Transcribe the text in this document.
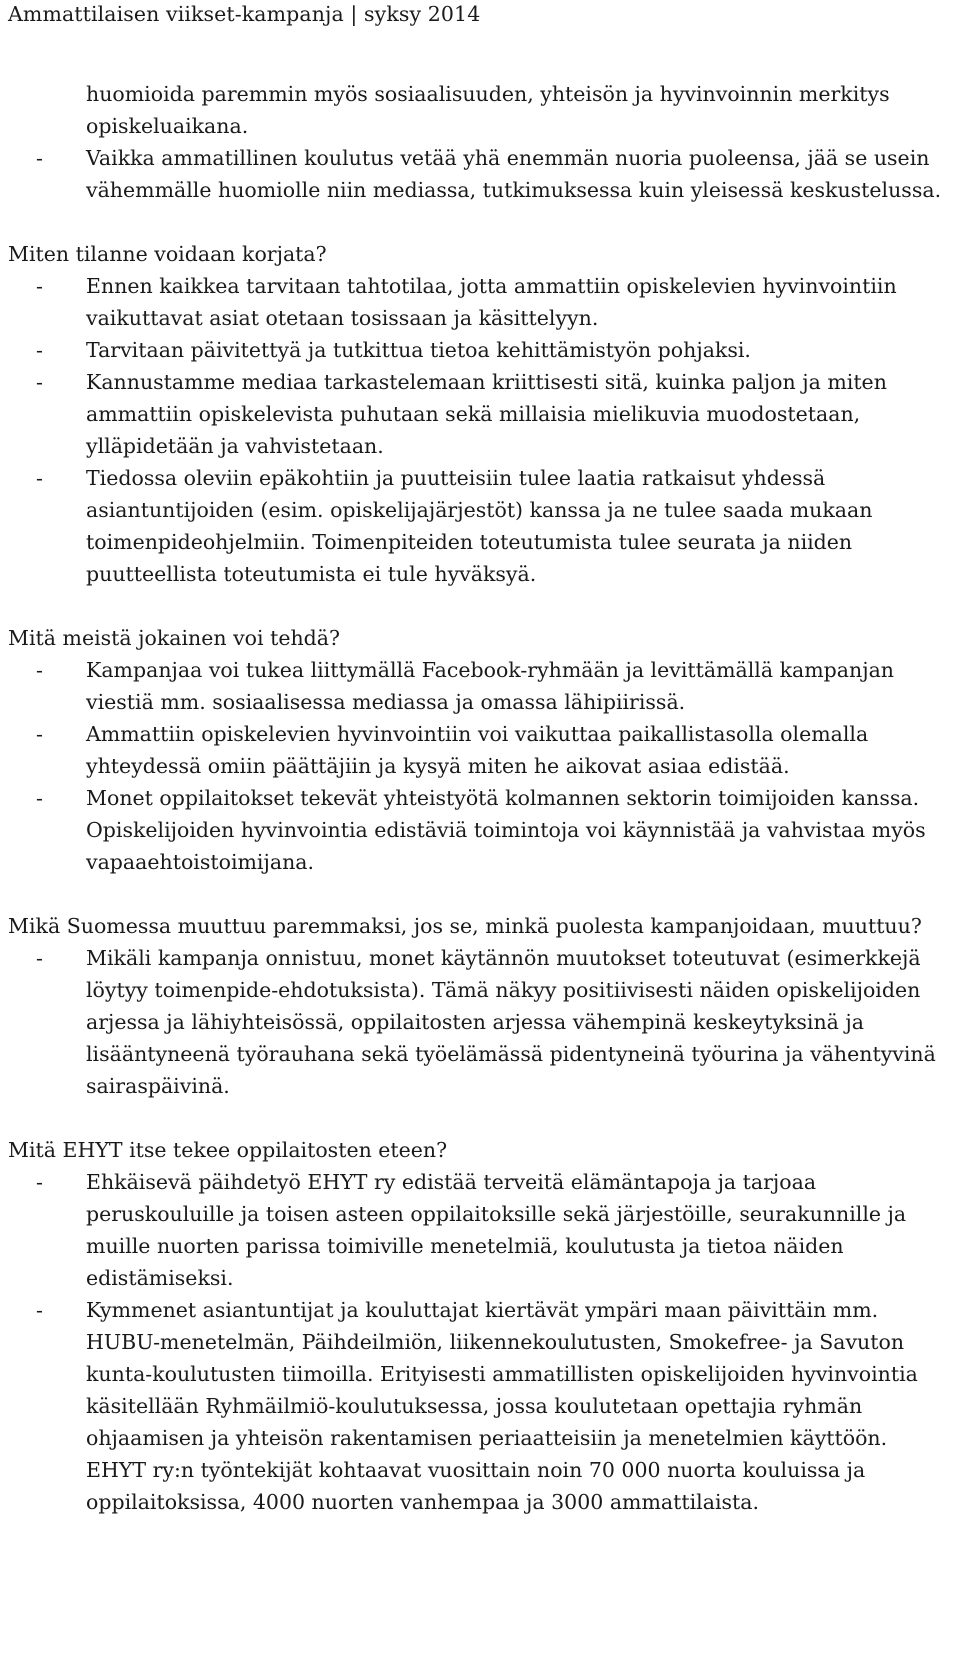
Ammattilaisen viikset-kampanja | syksy 2014
huomioida paremmin myös sosiaalisuuden, yhteisön ja hyvinvoinnin merkitys opiskeluaikana.
- Vaikka ammatillinen koulutus vetää yhä enemmän nuoria puoleensa, jää se usein vähemmälle huomiolle niin mediassa, tutkimuksessa kuin yleisessä keskustelussa.
Miten tilanne voidaan korjata?
- Ennen kaikkea tarvitaan tahtotilaa, jotta ammattiin opiskelevien hyvinvointiin vaikuttavat asiat otetaan tosissaan ja käsittelyyn.
- Tarvitaan päivitettyä ja tutkittua tietoa kehittämistyön pohjaksi.
- Kannustamme mediaa tarkastelemaan kriittisesti sitä, kuinka paljon ja miten ammattiin opiskelevista puhutaan sekä millaisia mielikuvia muodostetaan, ylläpidetään ja vahvistetaan.
- Tiedossa oleviin epäkohtiin ja puutteisiin tulee laatia ratkaisut yhdessä asiantuntijoiden (esim. opiskelijajärjestöt) kanssa ja ne tulee saada mukaan toimenpideohjelmiin. Toimenpiteiden toteutumista tulee seurata ja niiden puutteellista toteutumista ei tule hyväksyä.
Mitä meistä jokainen voi tehdä?
- Kampanjaa voi tukea liittymällä Facebook-ryhmään ja levittämällä kampanjan viestiä mm. sosiaalisessa mediassa ja omassa lähipiirissä.
- Ammattiin opiskelevien hyvinvointiin voi vaikuttaa paikallistasolla olemalla yhteydessä omiin päättäjiin ja kysyä miten he aikovat asiaa edistää.
- Monet oppilaitokset tekevät yhteistyötä kolmannen sektorin toimijoiden kanssa. Opiskelijoiden hyvinvointia edistäviä toimintoja voi käynnistää ja vahvistaa myös vapaaehtoistoimijana.
Mikä Suomessa muuttuu paremmaksi, jos se, minkä puolesta kampanjoidaan, muuttuu?
- Mikäli kampanja onnistuu, monet käytännön muutokset toteutuvat (esimerkkejä löytyy toimenpide-ehdotuksista). Tämä näkyy positiivisesti näiden opiskelijoiden arjessa ja lähiyhteisössä, oppilaitosten arjessa vähempinä keskeytyksinä ja lisääntyneenä työrauhana sekä työelämässä pidentyneinä työurina ja vähentyvinä sairaspäivinä.
Mitä EHYT itse tekee oppilaitosten eteen?
- Ehkäisevä päihdetyö EHYT ry edistää terveitä elämäntapoja ja tarjoaa peruskouluille ja toisen asteen oppilaitoksille sekä järjestöille, seurakunnille ja muille nuorten parissa toimiville menetelmiä, koulutusta ja tietoa näiden edistämiseksi.
- Kymmenet asiantuntijat ja kouluttajat kiertävät ympäri maan päivittäin mm. HUBU-menetelmän, Päihdeilmiön, liikennekoulutusten, Smokefree- ja Savuton kunta-koulutusten tiimoilla. Erityisesti ammatillisten opiskelijoiden hyvinvointia käsitellään Ryhmäilmiö-koulutuksessa, jossa koulutetaan opettajia ryhmän ohjaamisen ja yhteisön rakentamisen periaatteisiin ja menetelmien käyttöön. EHYT ry:n työntekijät kohtaavat vuosittain noin 70 000 nuorta kouluissa ja oppilaitoksissa, 4000 nuorten vanhempaa ja 3000 ammattilaista.
